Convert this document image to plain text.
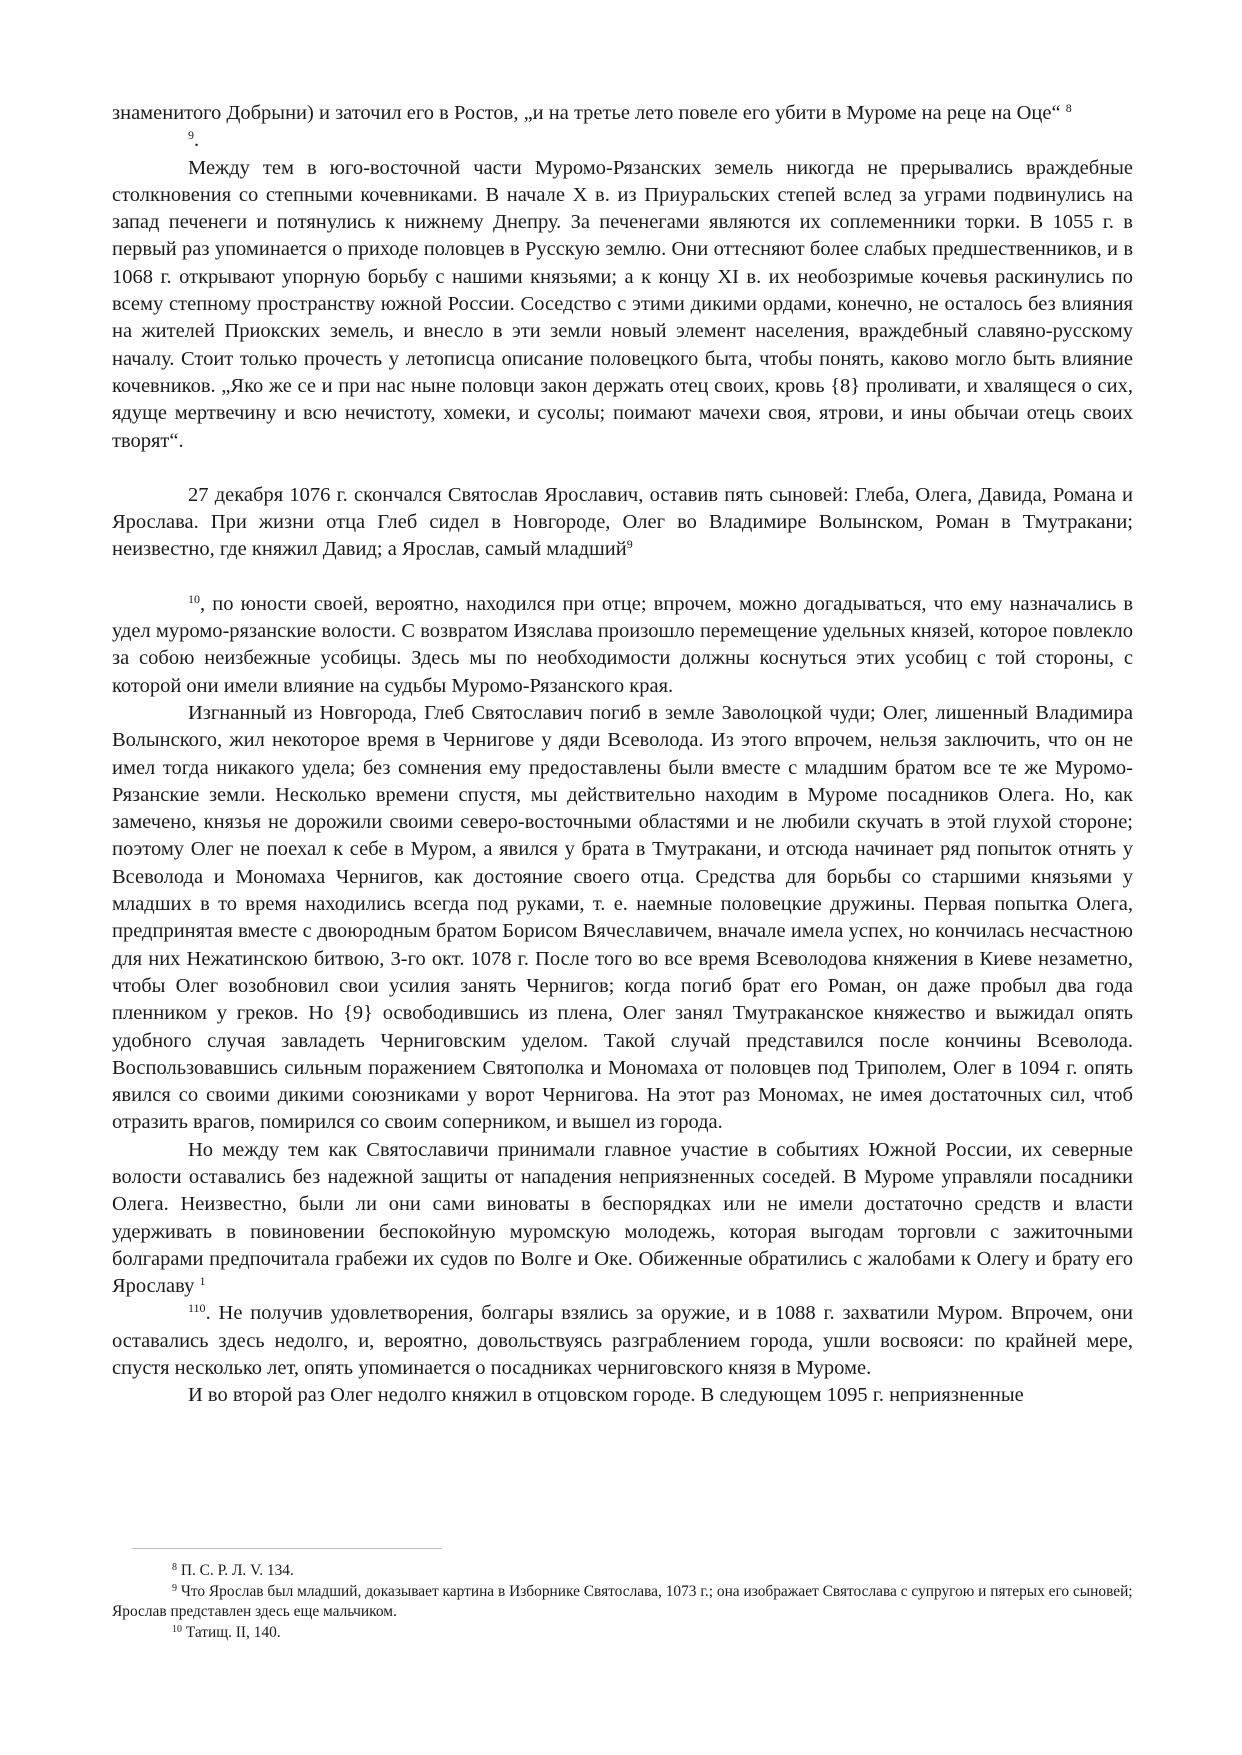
знаменитого Добрыни) и заточил его в Ростов, „и на третье лето повеле его убити в Муроме на реце на Оце“ $^8$

$^9$.

Между тем в юго-восточной части Муромо-Рязанских земель никогда не прерывались враждебные столкновения со степными кочевниками. В начале X в. из Приуральских степей вслед за уграми подвинулись на запад печенеги и потянулись к нижнему Днепру. За печенегами являются их соплеменники торки. В 1055 г. в первый раз упоминается о приходе половцев в Русскую землю. Они оттесняют более слабых предшественников, и в 1068 г. открывают упорную борьбу с нашими князьями; а к концу XI в. их необозримые кочевья раскинулись по всему степному пространству южной России. Соседство с этими дикими ордами, конечно, не осталось без влияния на жителей Приокских земель, и внесло в эти земли новый элемент населения, враждебный славяно-русскому началу. Стоит только прочесть у летописца описание половецкого быта, чтобы понять, каково могло быть влияние кочевников. „Яко же се и при нас ныне половци закон держать отец своих, кровь {8} проливати, и хвалящеся о сих, ядуще мертвечину и всю нечистоту, хомеки, и сусолы; поимают мачехи своя, ятрови, и ины обычаи отець своих творят“.

27 декабря 1076 г. скончался Святослав Ярославич, оставив пять сыновей: Глеба, Олега, Давида, Романа и Ярослава. При жизни отца Глеб сидел в Новгороде, Олег во Владимире Волынском, Роман в Тмутракани; неизвестно, где княжил Давид; а Ярослав, самый младший$^9$

$^{10}$, по юности своей, вероятно, находился при отце; впрочем, можно догадываться, что ему назначались в удел муромо-рязанские волости. С возвратом Изяслава произошло перемещение удельных князей, которое повлекло за собою неизбежные усобицы. Здесь мы по необходимости должны коснуться этих усобиц с той стороны, с которой они имели влияние на судьбы Муромо-Рязанского края.

Изгнанный из Новгорода, Глеб Святославич погиб в земле Заволоцкой чуди; Олег, лишенный Владимира Волынского, жил некоторое время в Чернигове у дяди Всеволода. Из этого впрочем, нельзя заключить, что он не имел тогда никакого удела; без сомнения ему предоставлены были вместе с младшим братом все те же Муромо-Рязанские земли. Несколько времени спустя, мы действительно находим в Муроме посадников Олега. Но, как замечено, князья не дорожили своими северо-восточными областями и не любили скучать в этой глухой стороне; поэтому Олег не поехал к себе в Муром, а явился у брата в Тмутракани, и отсюда начинает ряд попыток отнять у Всеволода и Мономаха Чернигов, как достояние своего отца. Средства для борьбы со старшими князьями у младших в то время находились всегда под руками, т. е. наемные половецкие дружины. Первая попытка Олега, предпринятая вместе с двоюродным братом Борисом Вячеславичем, вначале имела успех, но кончилась несчастною для них Нежатинскою битвою, 3-го окт. 1078 г. После того во все время Всеволодова княжения в Киеве незаметно, чтобы Олег возобновил свои усилия занять Чернигов; когда погиб брат его Роман, он даже пробыл два года пленником у греков. Но {9} освободившись из плена, Олег занял Тмутраканское княжество и выжидал опять удобного случая завладеть Черниговским уделом. Такой случай представился после кончины Всеволода. Воспользовавшись сильным поражением Святополка и Мономаха от половцев под Триполем, Олег в 1094 г. опять явился со своими дикими союзниками у ворот Чернигова. На этот раз Мономах, не имея достаточных сил, чтоб отразить врагов, помирился со своим соперником, и вышел из города.

Но между тем как Святославичи принимали главное участие в событиях Южной России, их северные волости оставались без надежной защиты от нападения неприязненных соседей. В Муроме управляли посадники Олега. Неизвестно, были ли они сами виноваты в беспорядках или не имели достаточно средств и власти удерживать в повиновении беспокойную муромскую молодежь, которая выгодам торговли с зажиточными болгарами предпочитала грабежи их судов по Волге и Оке. Обиженные обратились с жалобами к Олегу и брату его Ярославу $^1$

$^{110}$. Не получив удовлетворения, болгары взялись за оружие, и в 1088 г. захватили Муром. Впрочем, они оставались здесь недолго, и, вероятно, довольствуясь разграблением города, ушли восвояси: по крайней мере, спустя несколько лет, опять упоминается о посадниках черниговского князя в Муроме.

И во второй раз Олег недолго княжил в отцовском городе. В следующем 1095 г. неприязненные

$^8$ П. С. Р. Л. V. 134.

$^9$ Что Ярослав был младший, доказывает картина в Изборнике Святослава, 1073 г.; она изображает Святослава с супругою и пятерых его сыновей; Ярослав представлен здесь еще мальчиком.

$^{10}$ Татищ. II, 140.
